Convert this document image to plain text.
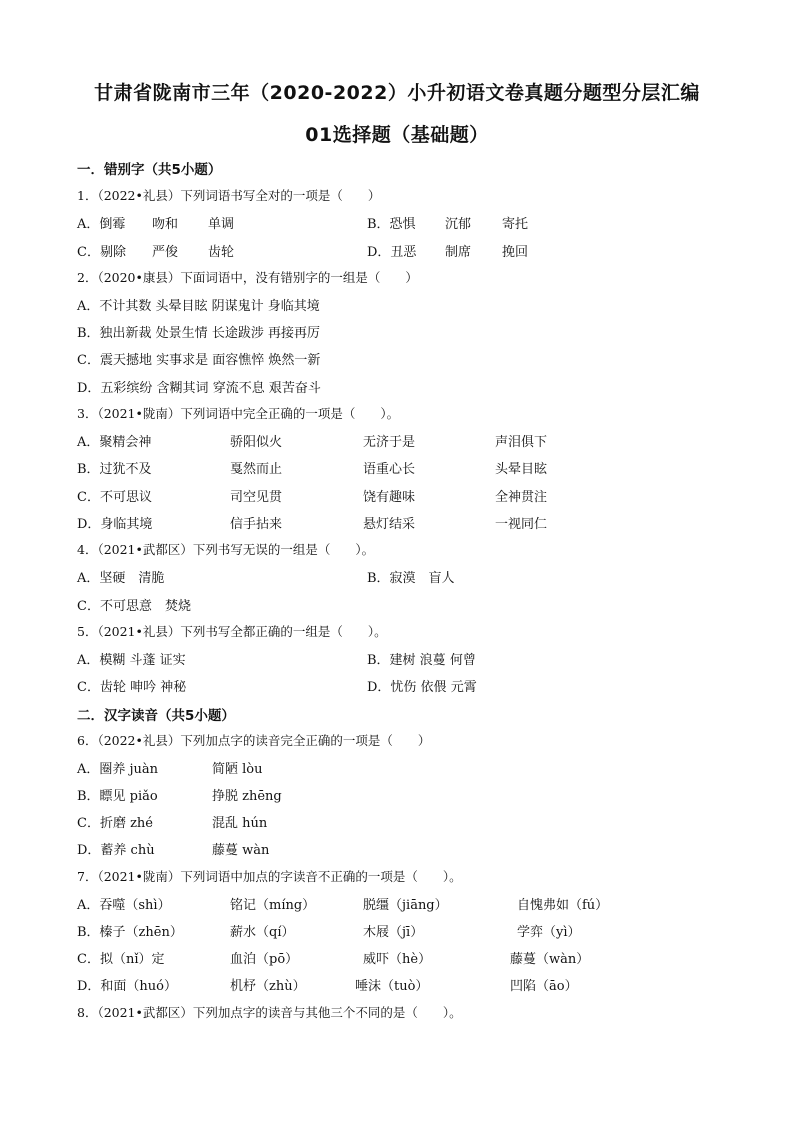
甘肃省陇南市三年（2020-2022）小升初语文卷真题分题型分层汇编
01选择题（基础题）
一．错别字（共5小题）
1．（2022•礼县）下列词语书写全对的一项是（　　）
A．倒霉 吻和 单调	B．恐惧 沉郁 寄托
C．剔除 严俊 齿轮	D．丑恶 制席 挽回
2．（2020•康县）下面词语中，没有错别字的一组是（　　）
A．不计其数 头晕目眩 阴谋鬼计 身临其境
B．独出新裁 处景生情 长途跋涉 再接再厉
C．震天撼地 实事求是 面容憔悴 焕然一新
D．五彩缤纷 含糊其词 穿流不息 艰苦奋斗
3．（2021•陇南）下列词语中完全正确的一项是（　　）。
A．聚精会神	骄阳似火	无济于是	声泪俱下
B．过犹不及	戛然而止	语重心长	头晕目眩
C．不可思议	司空见贯	饶有趣味	全神贯注
D．身临其境	信手拈来	悬灯结采	一视同仁
4．（2021•武都区）下列书写无误的一组是（　　）。
A．坚硬　清脆	B．寂漠　盲人
C．不可思意　焚烧
5．（2021•礼县）下列书写全都正确的一组是（　　）。
A．模糊 斗蓬 证实	B．建树 浪蔓 何曾
C．齿轮 呻吟 神秘	D．忧伤 依偎 元霄
二．汉字读音（共5小题）
6．（2022•礼县）下列加点字的读音完全正确的一项是（　　）
A．圈养 juàn	简陋 lòu
B．瞟见 piǎo	挣脱 zhēng
C．折磨 zhé	混乱 hún
D．蓄养 chù	藤蔓 wàn
7．（2021•陇南）下列词语中加点的字读音不正确的一项是（　　）。
A．吞噬（shì）	铭记（míng）	脱缰（jiāng）	自愧弗如（fú）
B．榛子（zhēn）	薪水（qí）	木屐（jī）	学弈（yì）
C．拟（nǐ）定	血泊（pō）	威吓（hè）	藤蔓（wàn）
D．和面（huó）	机杼（zhù）	唾沫（tuò）	凹陷（āo）
8．（2021•武都区）下列加点字的读音与其他三个不同的是（　　）。
